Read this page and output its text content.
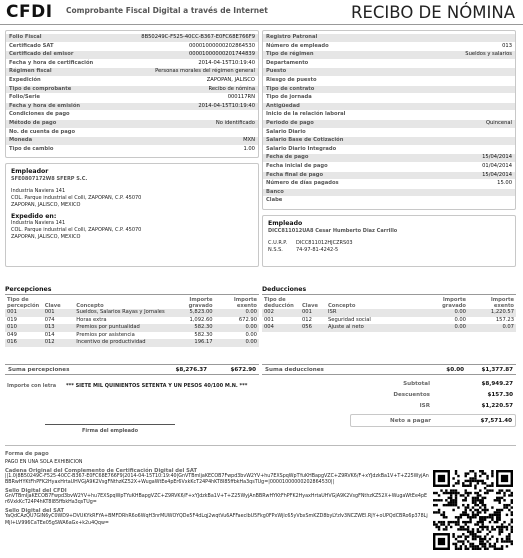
CFDI Comprobante Fiscal Digital a través de Internet	RECIBO DE NÓMINA
Folio Fiscal	8B50249C-F525-40CC-B367-E0FC68E766F9
Certificado SAT	00001000000202864530
Certificado del emisor	00001000000201744839
Fecha y hora de certificación	2014-04-15T10:19:40
Régimen fiscal	Personas morales del régimen general
Expedición	ZAPOPAN, JALISCO
Tipo de comprobante	Recibo de nómina
Folio/Serie	000117RN
Fecha y hora de emisión	2014-04-15T10:19:40
Condiciones de pago
Método de pago	No identificado
No. de cuenta de pago
Moneda	MXN
Tipo de cambio	1.00
Registro Patronal
Número de empleado	013
Tipo de régimen	Sueldos y salarios
Departamento
Puesto
Riesgo de puesto
Tipo de contrato
Tipo de jornada
Antigüedad
Inicio de la relación laboral
Periodo de pago	Quincenal
Salario Diario
Salario Base de Cotización
Salario Diario Integrado
Fecha de pago	15/04/2014
Fecha inicial de pago	01/04/2014
Fecha final de pago	15/04/2014
Número de días pagados	15.00
Banco
Clabe
Empleador
SFE0807172W8 SFERP S.C.
Industria Naviera 141
COL. Parque industrial el Colli, ZAPOPAN, C.P. 45070
ZAPOPAN, JALISCO, MEXICO
Expedido en:
Industria Naviera 141
COL. Parque industrial el Colli, ZAPOPAN, C.P. 45070
ZAPOPAN, JALISCO, MEXICO
Empleado
DICC811012UA8 Cesar Humberto Diaz Carrillo
C.U.R.P. DICC811012HJCZRS03
N.S.S.	74-97-81-4242-5
Percepciones
Tipo de percepción	Clave	Concepto	Importe gravado	Importe exento
001	001	Sueldos, Salarios Rayas y Jornales	5,823.00	0.00
019	074	Horas extra	1,092.60	672.90
010	013	Premios por puntualidad	582.30	0.00
049	014	Premios por asistencia	582.30	0.00
016	012	Incentivo de productividad	196.17	0.00
Suma percepciones	$8,276.37	$672.90
Deducciones
Tipo de deducción	Clave	Concepto	Importe gravado	Importe exento
002	001	ISR	0.00	1,220.57
001	012	Seguridad social	0.00	157.23
004	056	Ajuste al neto	0.00	0.07
Suma deducciones	$0.00	$1,377.87
Importe con letra *** SIETE MIL QUINIENTOS SETENTA Y UN PESOS 40/100 M.N. ***	Subtotal	$8,949.27
Descuentos	$157.30
ISR	$1,220.57
Neto a pagar	$7,571.40
Firma del empleado
Forma de pago
PAGO EN UNA SOLA EXHIBICION
Cadena Original del Complemento de Certificación Digital del SAT
||1.0|8B50249C-F525-40CC-B367-E0FC68E766F9|2014-04-15T10:19:40|GnVTBmIjaKECOB7Fwpd3bvW2YV+hu7EXSpqWpTYuKHBapgVZC+Z9RVK6/F+xYJdzkBa1V+T+Z25WyjAnBBRwHYKtFhPFK2HyaxHrtaUHVGjA9K2VsgFNthzKZ52X+WugaWtEe4pEr6VxkKcT24P4hKT8I85ffbkHa3qsTUg=|00001000000202864530||
Sello Digital del CFDI
GnVTBmIjaKECOB7Fwpd3bvW2YV+hu7EXSpqWpTYuKHBapgVZC+Z9RVK6/F+xYJdzkBa1V+T+Z25WyjAnBBRwHYKtFhPFK2HyaxHrtaUHVGjA9K2VsgFNthzKZ52X+WugaWtEe4pEr6VxkKcT24P4hKT8I85ffbkHa3qsTUg=
Sello Digital del SAT
YaQdCAzQU7GIN6yC0WD9+DVUKYkRFYA+BMFDRhR6o6WqH3nrMUWOYQDe5F4dLqj2wqtVu6AFFaecIbU5Fkg0FPxWjlc65yVbxSmKZD8byLYzIv3NCZWEl.RjY+oUPQdCBRo6p378LjMjI+LV996CaTEe05gSWA6aGx+k2u4Qqw=
